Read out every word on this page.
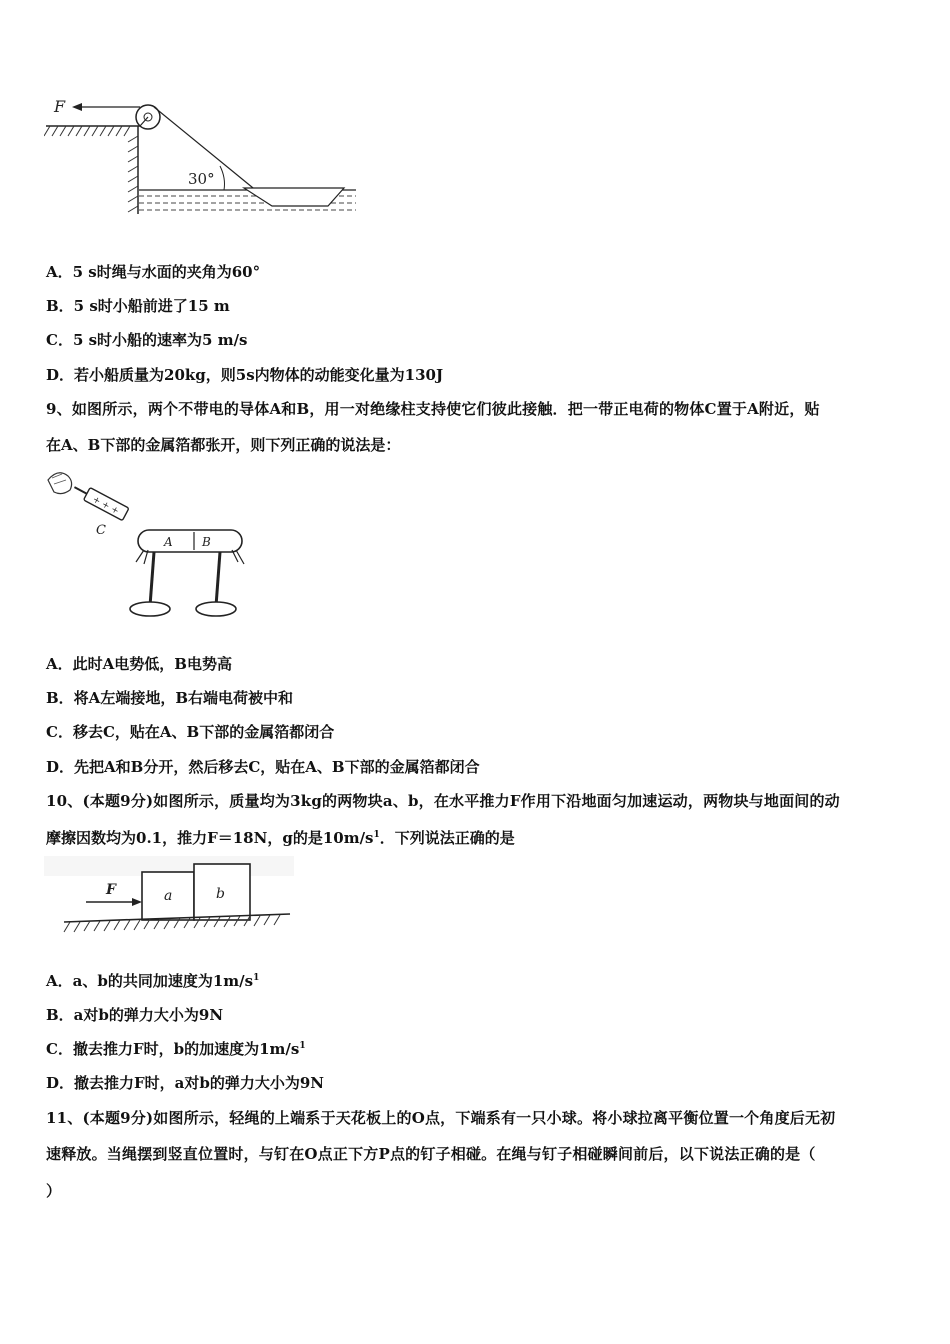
F
30°
A．5 s时绳与水面的夹角为60°
B．5 s时小船前进了15 m
C．5 s时小船的速率为5 m/s
D．若小船质量为20kg，则5s内物体的动能变化量为130J
9、如图所示，两个不带电的导体A和B，用一对绝缘柱支持使它们彼此接触．把一带正电荷的物体C置于A附近，贴
在A、B下部的金属箔都张开，则下列正确的说法是：
+ + +
C
A B
A．此时A电势低，B电势高
B．将A左端接地，B右端电荷被中和
C．移去C，贴在A、B下部的金属箔都闭合
D．先把A和B分开，然后移去C，贴在A、B下部的金属箔都闭合
10、(本题9分)如图所示，质量均为3kg的两物块a、b，在水平推力F作用下沿地面匀加速运动，两物块与地面间的动
摩擦因数均为0.1，推力F＝18N，g的是$10m/s^1$．下列说法正确的是
a	b
F
A．a、b的共同加速度为$1m/s^1$
B．a对b的弹力大小为9N
C．撤去推力F时，b的加速度为$1m/s^1$
D．撤去推力F时，a对b的弹力大小为9N
11、(本题9分)如图所示，轻绳的上端系于天花板上的O点，下端系有一只小球。将小球拉离平衡位置一个角度后无初
速释放。当绳摆到竖直位置时，与钉在O点正下方P点的钉子相碰。在绳与钉子相碰瞬间前后，以下说法正确的是（
）
